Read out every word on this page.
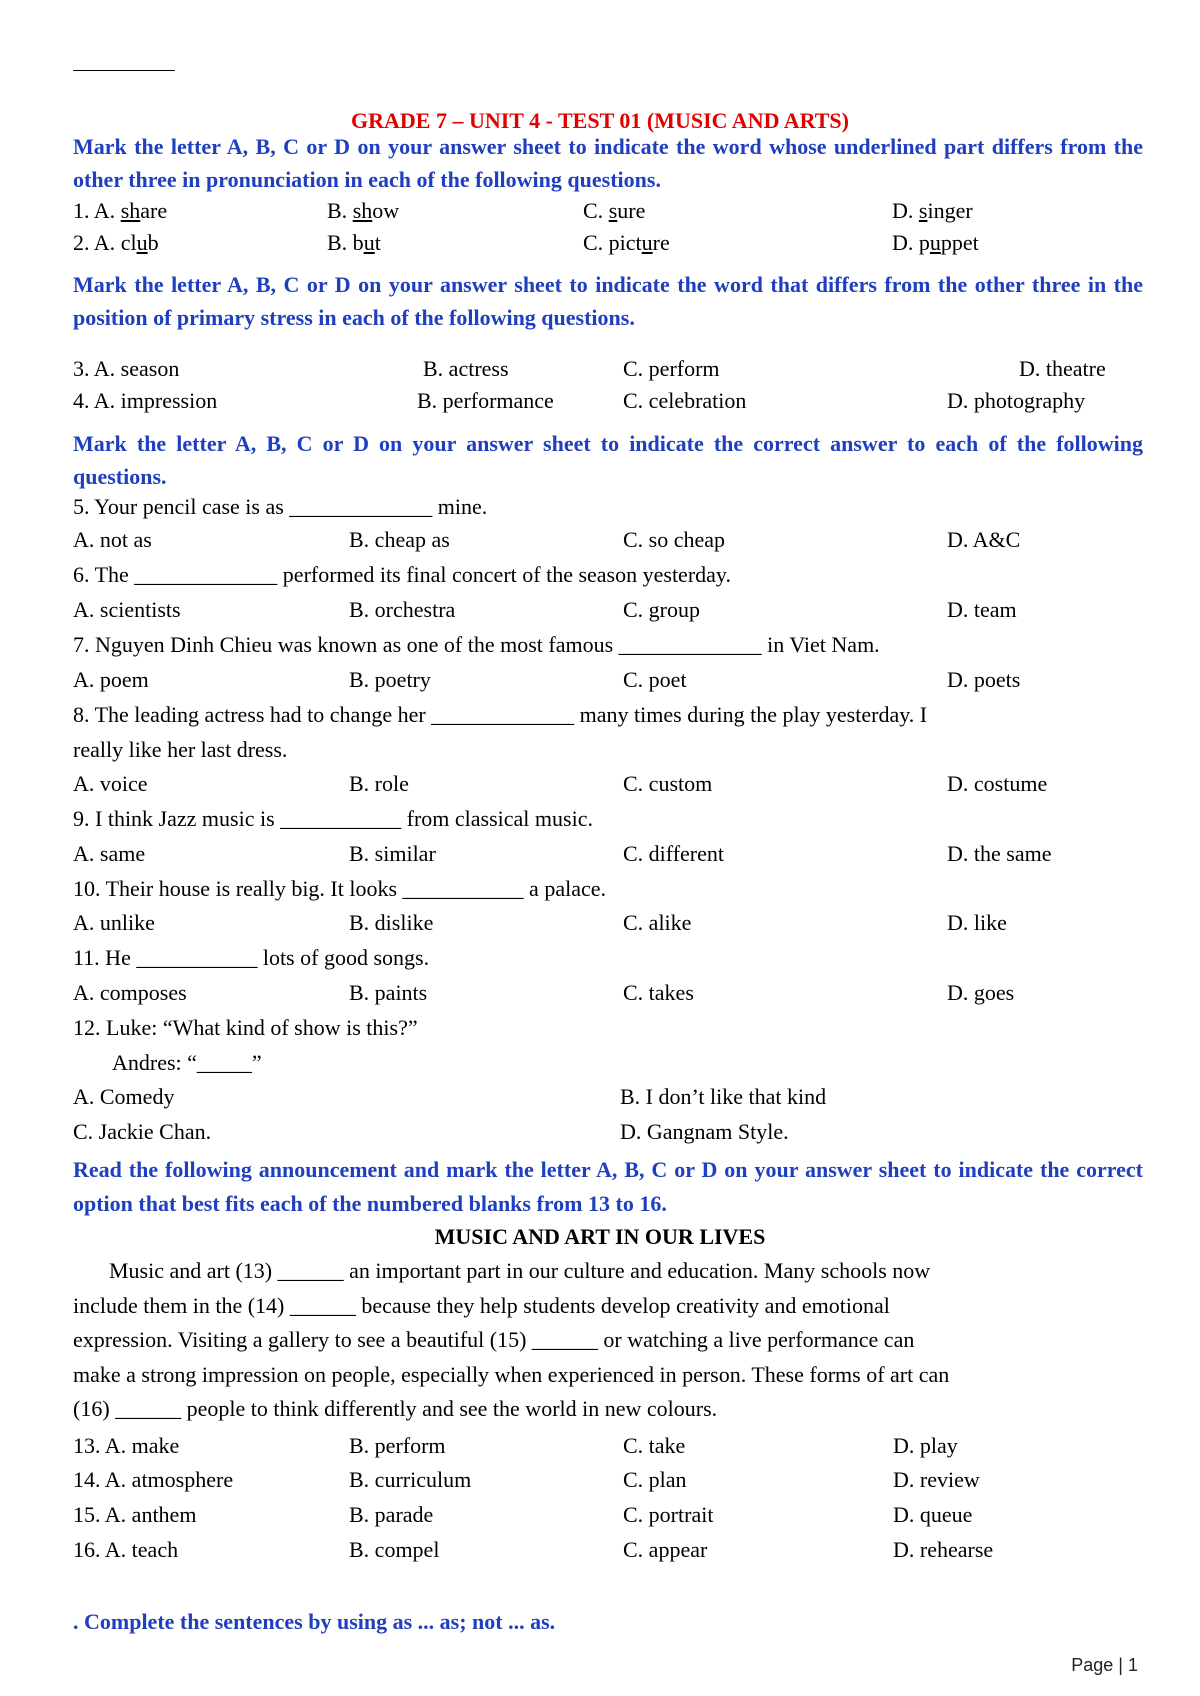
GRADE 7 – UNIT 4 - TEST 01 (MUSIC AND ARTS)
Mark the letter A, B, C or D on your answer sheet to indicate the word whose underlined part differs from the other three in pronunciation in each of the following questions.
1. A. share	B. show	C. sure	D. singer
2. A. club	B. but	C. picture	D. puppet
Mark the letter A, B, C or D on your answer sheet to indicate the word that differs from the other three in the position of primary stress in each of the following questions.
3. A. season	B. actress	C. perform	D. theatre
4. A. impression	B. performance	C. celebration	D. photography
Mark the letter A, B, C or D on your answer sheet to indicate the correct answer to each of the following questions.
5. Your pencil case is as _____________ mine.
A. not as	B. cheap as	C. so cheap	D. A&C
6. The _____________ performed its final concert of the season yesterday.
A. scientists	B. orchestra	C. group	D. team
7. Nguyen Dinh Chieu was known as one of the most famous _____________ in Viet Nam.
A. poem	B. poetry	C. poet	D. poets
8. The leading actress had to change her _____________ many times during the play yesterday. I
really like her last dress.
A. voice	B. role	C. custom	D. costume
9. I think Jazz music is ___________ from classical music.
A. same	B. similar	C. different	D. the same
10. Their house is really big. It looks ___________ a palace.
A. unlike	B. dislike	C. alike	D. like
11. He ___________ lots of good songs.
A. composes	B. paints	C. takes	D. goes
12. Luke: “What kind of show is this?”
Andres: “_____”
A. Comedy	B. I don’t like that kind
C. Jackie Chan.	D. Gangnam Style.
Read the following announcement and mark the letter A, B, C or D on your answer sheet to indicate the correct option that best fits each of the numbered blanks from 13 to 16.
MUSIC AND ART IN OUR LIVES
Music and art (13) ______ an important part in our culture and education. Many schools now
include them in the (14) ______ because they help students develop creativity and emotional
expression. Visiting a gallery to see a beautiful (15) ______ or watching a live performance can
make a strong impression on people, especially when experienced in person. These forms of art can
(16) ______ people to think differently and see the world in new colours.
13. A. make	B. perform	C. take	D. play
14. A. atmosphere	B. curriculum	C. plan	D. review
15. A. anthem	B. parade	C. portrait	D. queue
16. A. teach	B. compel	C. appear	D. rehearse
. Complete the sentences by using as ... as; not ... as.
Page | 1
